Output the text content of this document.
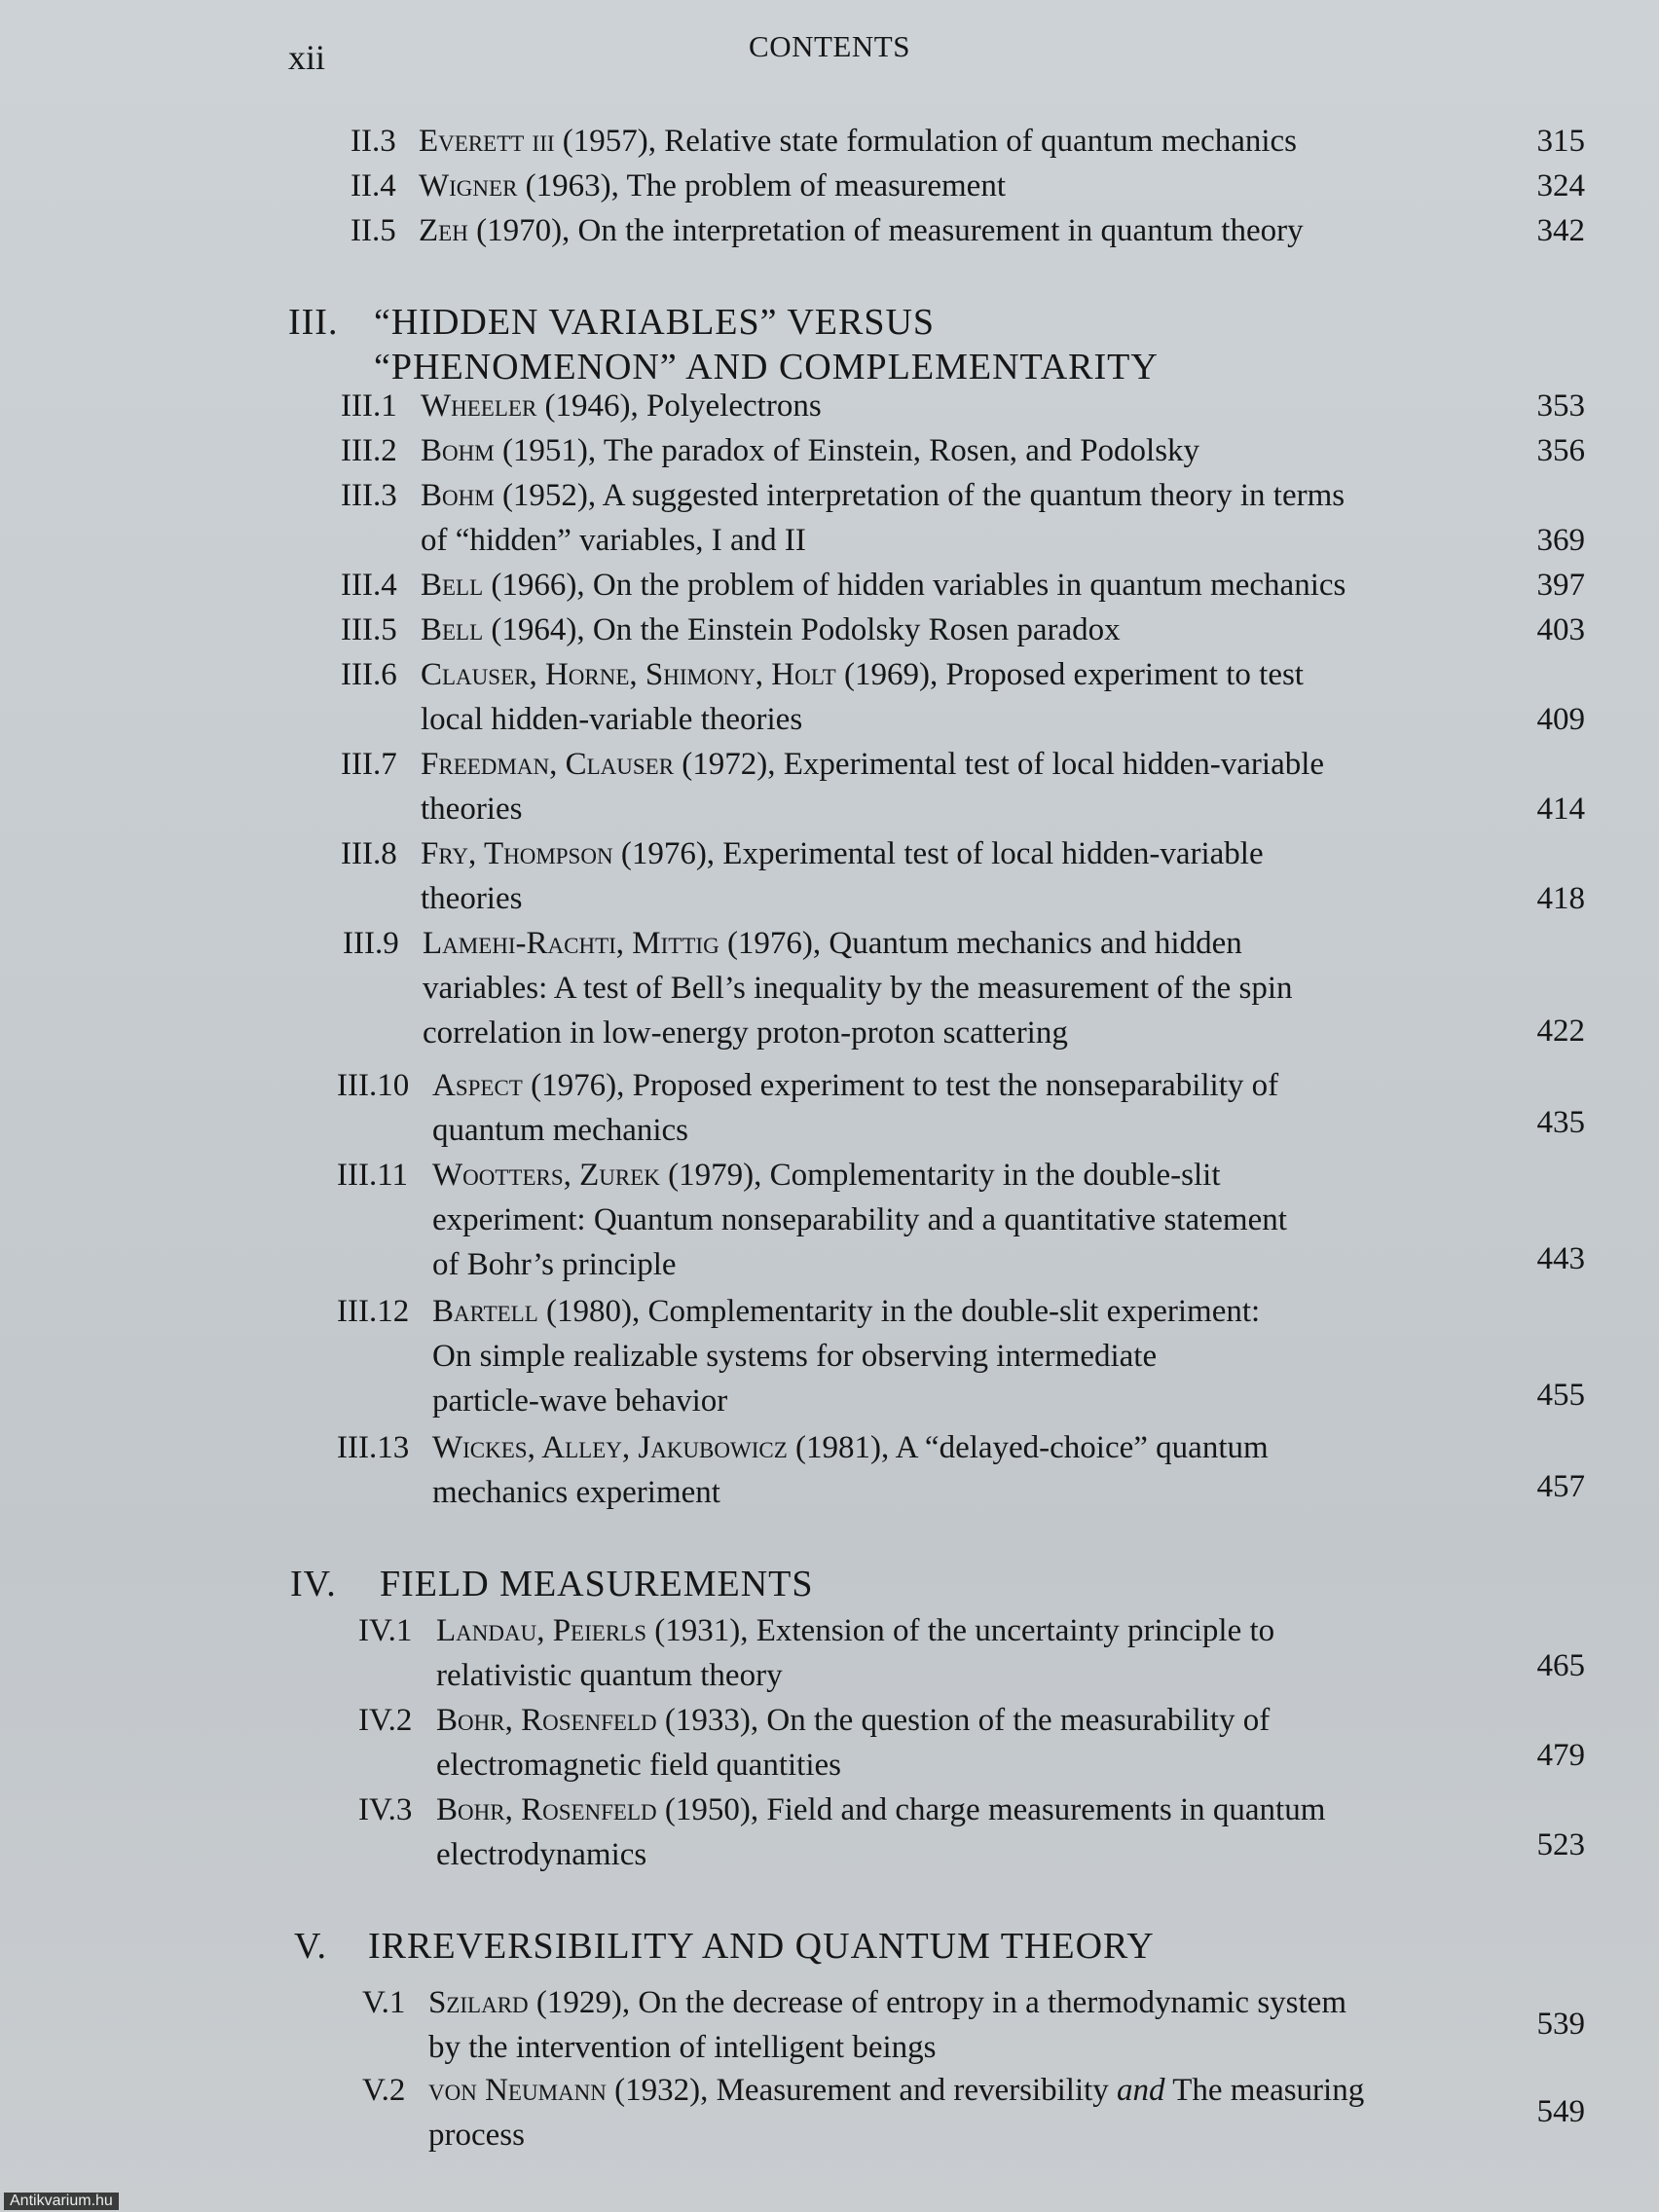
xii	CONTENTS
III. “HIDDEN VARIABLES” VERSUS
“PHENOMENON” AND COMPLEMENTARITY
IV. FIELD MEASUREMENTS
V. IRREVERSIBILITY AND QUANTUM THEORY
II.3 Everett iii (1957), Relative state formulation of quantum mechanics	315
II.4 Wigner (1963), The problem of measurement	324
II.5 Zeh (1970), On the interpretation of measurement in quantum theory	342
III.1 Wheeler (1946), Polyelectrons	353
III.2 Bohm (1951), The paradox of Einstein, Rosen, and Podolsky	356
III.3 Bohm (1952), A suggested interpretation of the quantum theory in terms
of “hidden” variables, I and II	369
III.4 Bell (1966), On the problem of hidden variables in quantum mechanics	397
III.5 Bell (1964), On the Einstein Podolsky Rosen paradox	403
III.6 Clauser, Horne, Shimony, Holt (1969), Proposed experiment to test
local hidden-variable theories	409
III.7 Freedman, Clauser (1972), Experimental test of local hidden-variable
theories	414
III.8 Fry, Thompson (1976), Experimental test of local hidden-variable
theories	418
III.9 Lamehi-Rachti, Mittig (1976), Quantum mechanics and hidden
variables: A test of Bell’s inequality by the measurement of the spin
correlation in low-energy proton-proton scattering	422
III.10 Aspect (1976), Proposed experiment to test the nonseparability of
quantum mechanics	435
III.11 Wootters, Zurek (1979), Complementarity in the double-slit
experiment: Quantum nonseparability and a quantitative statement
of Bohr’s principle	443
III.12 Bartell (1980), Complementarity in the double-slit experiment:
On simple realizable systems for observing intermediate
particle-wave behavior	455
III.13 Wickes, Alley, Jakubowicz (1981), A “delayed-choice” quantum
mechanics experiment	457
IV.1 Landau, Peierls (1931), Extension of the uncertainty principle to
relativistic quantum theory	465
IV.2 Bohr, Rosenfeld (1933), On the question of the measurability of
electromagnetic field quantities	479
IV.3 Bohr, Rosenfeld (1950), Field and charge measurements in quantum
electrodynamics	523
V.1 Szilard (1929), On the decrease of entropy in a thermodynamic system
by the intervention of intelligent beings
539
V.2 von Neumann (1932), Measurement and reversibility and The measuring
process
549
Antikvarium.hu
